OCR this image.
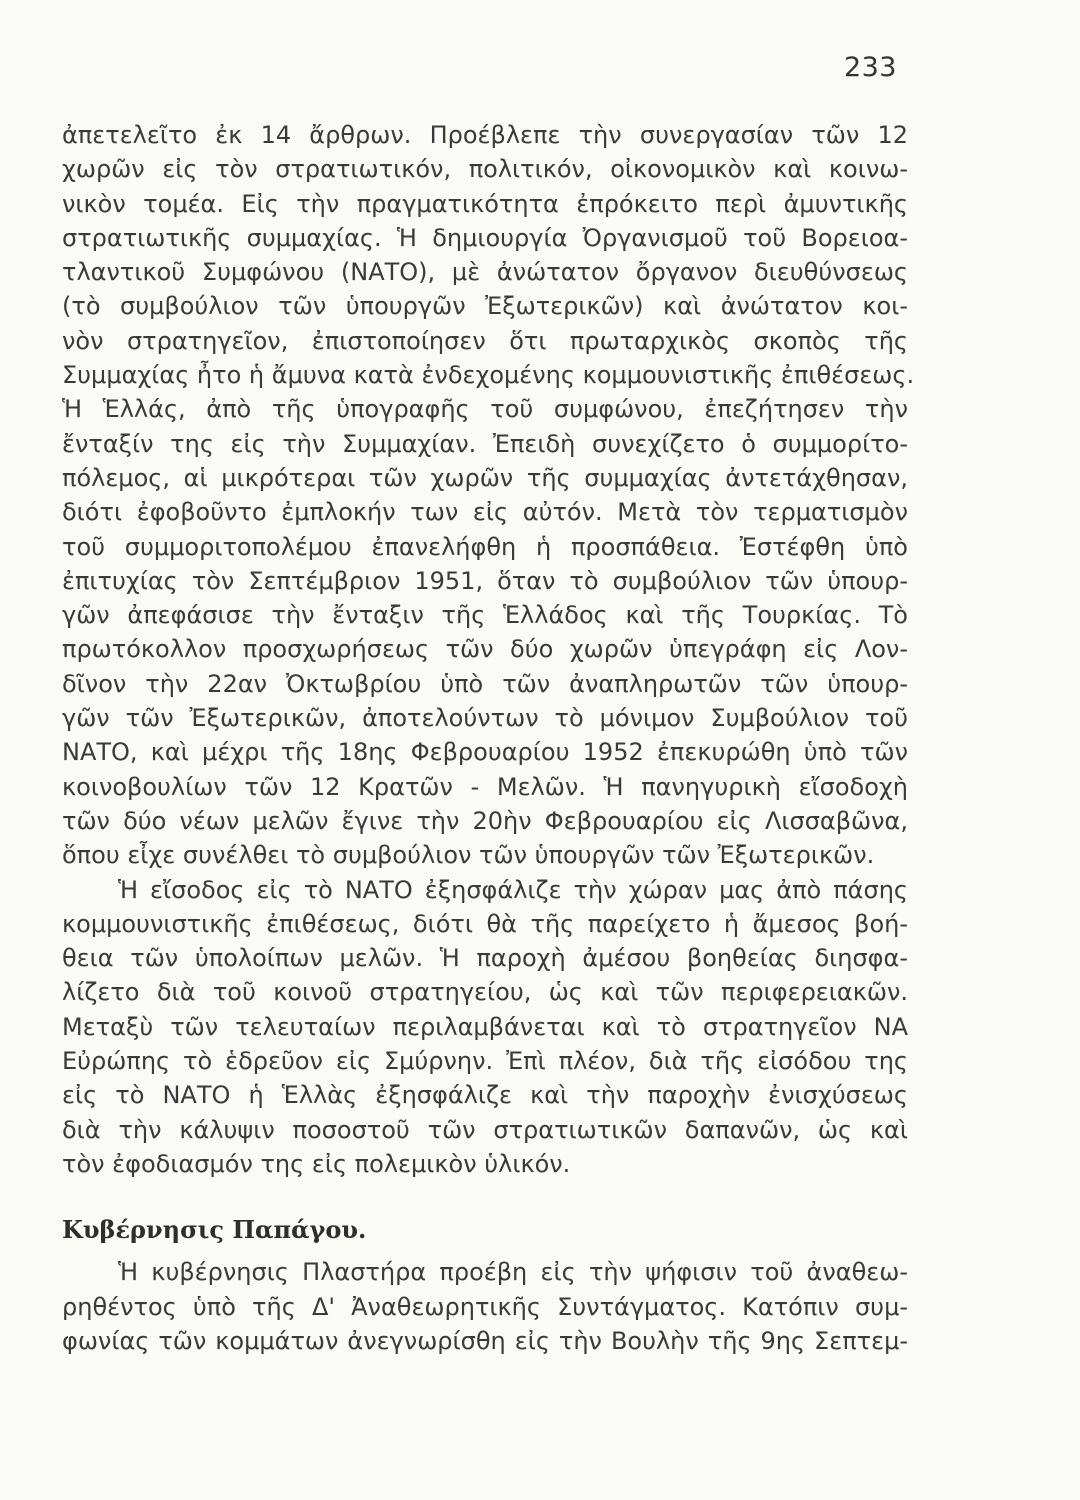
233
ἀπετελεῖτο ἐκ 14 ἄρθρων. Προέβλεπε τὴν συνεργασίαν τῶν 12
χωρῶν εἰς τὸν στρατιωτικόν, πολιτικόν, οἰκονομικὸν καὶ κοινω-
νικὸν τομέα. Εἰς τὴν πραγματικότητα ἐπρόκειτο περὶ ἀμυντικῆς
στρατιωτικῆς συμμαχίας. Ἡ δημιουργία Ὀργανισμοῦ τοῦ Βορειοα-
τλαντικοῦ Συμφώνου (ΝΑΤΟ), μὲ ἀνώτατον ὄργανον διευθύνσεως
(τὸ συμβούλιον τῶν ὑπουργῶν Ἐξωτερικῶν) καὶ ἀνώτατον κοι-
νὸν στρατηγεῖον, ἐπιστοποίησεν ὅτι πρωταρχικὸς σκοπὸς τῆς
Συμμαχίας ἦτο ἡ ἄμυνα κατὰ ἐνδεχομένης κομμουνιστικῆς ἐπιθέσεως.
Ἡ Ἑλλάς, ἀπὸ τῆς ὑπογραφῆς τοῦ συμφώνου, ἐπεζήτησεν τὴν
ἔνταξίν της εἰς τὴν Συμμαχίαν. Ἐπειδὴ συνεχίζετο ὁ συμμορίτο-
πόλεμος, αἱ μικρότεραι τῶν χωρῶν τῆς συμμαχίας ἀντετάχθησαν,
διότι ἐφοβοῦντο ἐμπλοκήν των εἰς αὐτόν. Μετὰ τὸν τερματισμὸν
τοῦ συμμοριτοπολέμου ἐπανελήφθη ἡ προσπάθεια. Ἐστέφθη ὑπὸ
ἐπιτυχίας τὸν Σεπτέμβριον 1951, ὅταν τὸ συμβούλιον τῶν ὑπουρ-
γῶν ἀπεφάσισε τὴν ἔνταξιν τῆς Ἑλλάδος καὶ τῆς Τουρκίας. Τὸ
πρωτόκολλον προσχωρήσεως τῶν δύο χωρῶν ὑπεγράφη εἰς Λον-
δῖνον τὴν 22αν Ὀκτωβρίου ὑπὸ τῶν ἀναπληρωτῶν τῶν ὑπουρ-
γῶν τῶν Ἐξωτερικῶν, ἀποτελούντων τὸ μόνιμον Συμβούλιον τοῦ
ΝΑΤΟ, καὶ μέχρι τῆς 18ης Φεβρουαρίου 1952 ἐπεκυρώθη ὑπὸ τῶν
κοινοβουλίων τῶν 12 Κρατῶν - Μελῶν. Ἡ πανηγυρικὴ εἴσοδοχὴ
τῶν δύο νέων μελῶν ἔγινε τὴν 20ὴν Φεβρουαρίου εἰς Λισσαβῶνα,
ὅπου εἶχε συνέλθει τὸ συμβούλιον τῶν ὑπουργῶν τῶν Ἐξωτερικῶν.
Ἡ εἴσοδος εἰς τὸ ΝΑΤΟ ἐξησφάλιζε τὴν χώραν μας ἀπὸ πάσης
κομμουνιστικῆς ἐπιθέσεως, διότι θὰ τῆς παρείχετο ἡ ἄμεσος βοή-
θεια τῶν ὑπολοίπων μελῶν. Ἡ παροχὴ ἀμέσου βοηθείας διησφα-
λίζετο διὰ τοῦ κοινοῦ στρατηγείου, ὡς καὶ τῶν περιφερειακῶν.
Μεταξὺ τῶν τελευταίων περιλαμβάνεται καὶ τὸ στρατηγεῖον ΝΑ
Εὐρώπης τὸ ἑδρεῦον εἰς Σμύρνην. Ἐπὶ πλέον, διὰ τῆς εἰσόδου της
εἰς τὸ ΝΑΤΟ ἡ Ἑλλὰς ἐξησφάλιζε καὶ τὴν παροχὴν ἐνισχύσεως
διὰ τὴν κάλυψιν ποσοστοῦ τῶν στρατιωτικῶν δαπανῶν, ὡς καὶ
τὸν ἐφοδιασμόν της εἰς πολεμικὸν ὑλικόν.
Κυβέρνησις Παπάγου.
Ἡ κυβέρνησις Πλαστήρα προέβη εἰς τὴν ψήφισιν τοῦ ἀναθεω-
ρηθέντος ὑπὸ τῆς Δ' Ἀναθεωρητικῆς Συντάγματος. Κατόπιν συμ-
φωνίας τῶν κομμάτων ἀνεγνωρίσθη εἰς τὴν Βουλὴν τῆς 9ης Σεπτεμ-
